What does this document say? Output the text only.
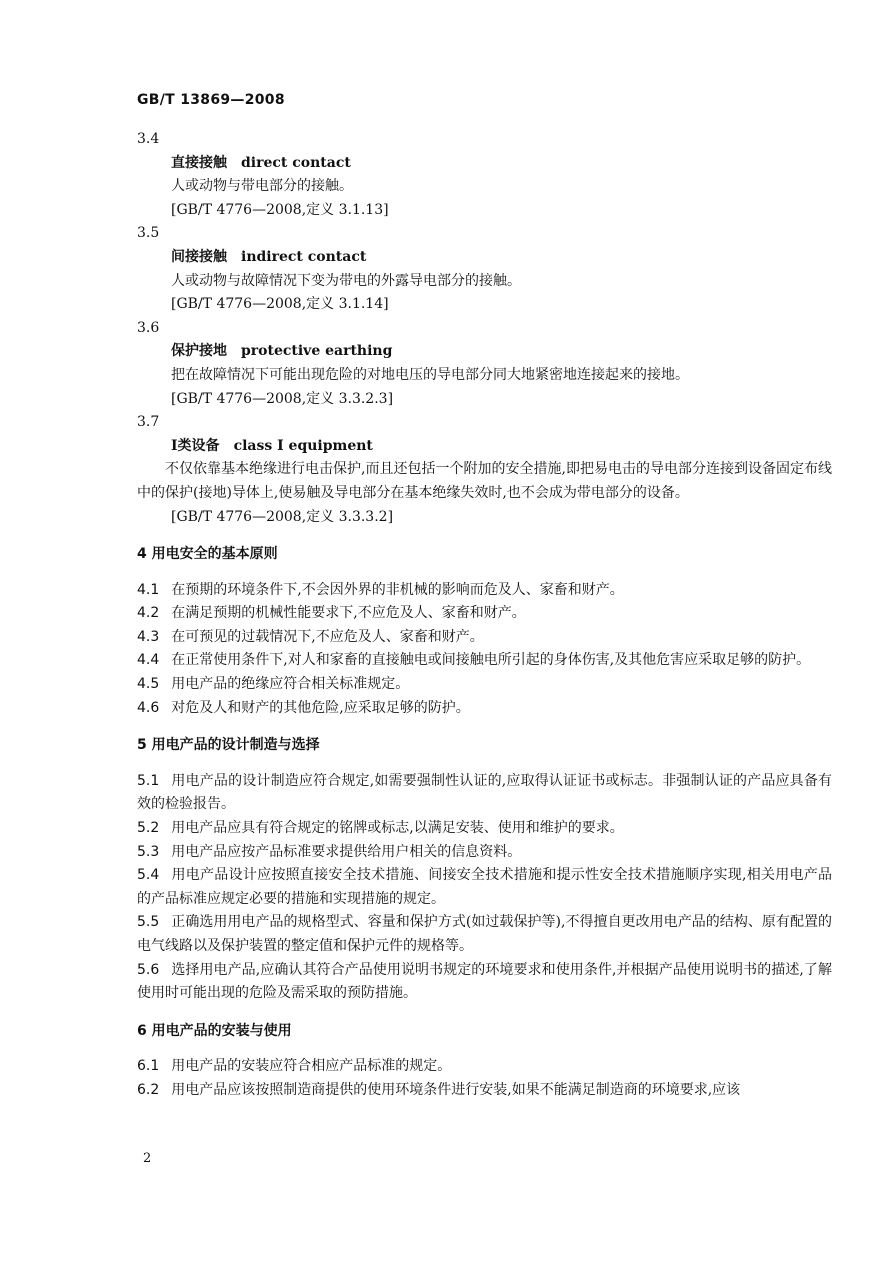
GB/T 13869—2008

3.4

直接接触 direct contact

人或动物与带电部分的接触。

[GB/T 4776—2008,定义 3.1.13]

3.5

间接接触 indirect contact

人或动物与故障情况下变为带电的外露导电部分的接触。

[GB/T 4776—2008,定义 3.1.14]

3.6

保护接地 protective earthing

把在故障情况下可能出现危险的对地电压的导电部分同大地紧密地连接起来的接地。

[GB/T 4776—2008,定义 3.3.2.3]

3.7

Ⅰ类设备 class Ⅰ equipment

不仅依靠基本绝缘进行电击保护,而且还包括一个附加的安全措施,即把易电击的导电部分连接到设备固定布线中的保护(接地)导体上,使易触及导电部分在基本绝缘失效时,也不会成为带电部分的设备。

[GB/T 4776—2008,定义 3.3.3.2]

4 用电安全的基本原则

4.1 在预期的环境条件下,不会因外界的非机械的影响而危及人、家畜和财产。

4.2 在满足预期的机械性能要求下,不应危及人、家畜和财产。

4.3 在可预见的过载情况下,不应危及人、家畜和财产。

4.4 在正常使用条件下,对人和家畜的直接触电或间接触电所引起的身体伤害,及其他危害应采取足够的防护。

4.5 用电产品的绝缘应符合相关标准规定。

4.6 对危及人和财产的其他危险,应采取足够的防护。

5 用电产品的设计制造与选择

5.1 用电产品的设计制造应符合规定,如需要强制性认证的,应取得认证证书或标志。非强制认证的产品应具备有效的检验报告。

5.2 用电产品应具有符合规定的铭牌或标志,以满足安装、使用和维护的要求。

5.3 用电产品应按产品标准要求提供给用户相关的信息资料。

5.4 用电产品设计应按照直接安全技术措施、间接安全技术措施和提示性安全技术措施顺序实现,相关用电产品的产品标准应规定必要的措施和实现措施的规定。

5.5 正确选用用电产品的规格型式、容量和保护方式(如过载保护等),不得擅自更改用电产品的结构、原有配置的电气线路以及保护装置的整定值和保护元件的规格等。

5.6 选择用电产品,应确认其符合产品使用说明书规定的环境要求和使用条件,并根据产品使用说明书的描述,了解使用时可能出现的危险及需采取的预防措施。

6 用电产品的安装与使用

6.1 用电产品的安装应符合相应产品标准的规定。

6.2 用电产品应该按照制造商提供的使用环境条件进行安装,如果不能满足制造商的环境要求,应该

2
